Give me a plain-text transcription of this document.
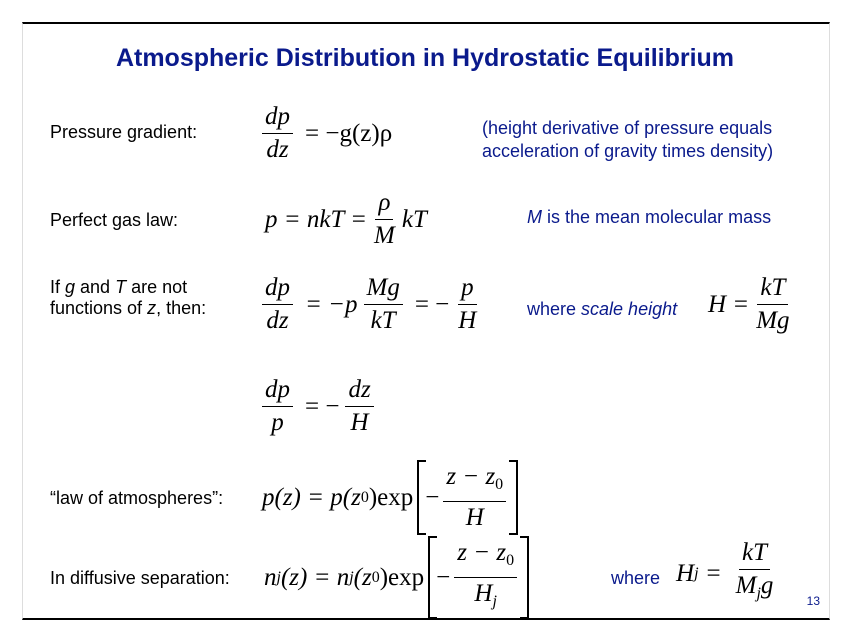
Atmospheric Distribution in Hydrostatic Equilibrium
Pressure gradient:	$\frac{dp}{dz} = -g(z)\rho$	(height derivative of pressure equals
acceleration of gravity times density)
Perfect gas law:	p = nkT = $\frac{\rho}{M}$ kT	M is the mean molecular mass
If g and T are not
functions of z, then: $\frac{dp}{dz} = -p \frac{Mg}{kT}$ = − $\frac{p}{H}$	where scale height $H = \frac{kT}{Mg}$
$\frac{dp}{p}$ = − $\frac{dz}{H}$
“law of atmospheres”: p(z) = p(z 0 )$\exp - \frac{z - z_0}{H}$
In diffusive separation: n j (z) = n j (z 0 )$\exp - \frac{z - z_0}{H_j}$	where H $j = \frac{kT}{M_jg}$	13
